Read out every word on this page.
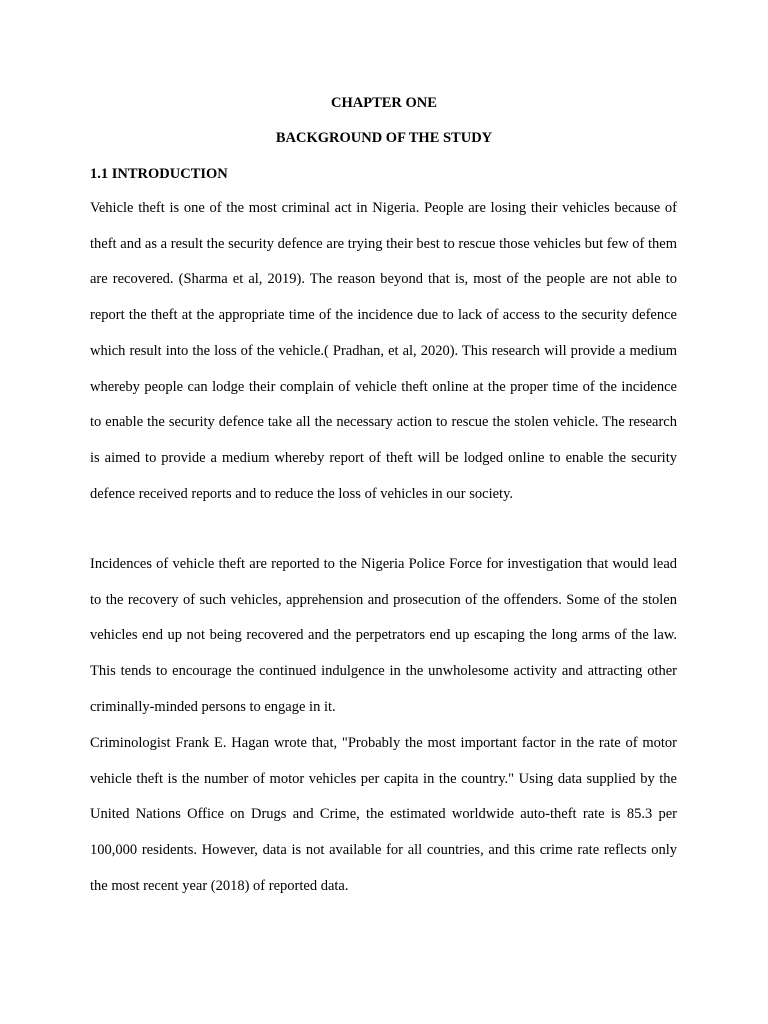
CHAPTER ONE
BACKGROUND OF THE STUDY
1.1 INTRODUCTION

Vehicle theft is one of the most criminal act in Nigeria. People are losing their vehicles because of theft and as a result the security defence are trying their best to rescue those vehicles but few of them are recovered. (Sharma et al, 2019). The reason beyond that is, most of the people are not able to report the theft at the appropriate time of the incidence due to lack of access to the security defence which result into the loss of the vehicle.( Pradhan, et al, 2020). This research will provide a medium whereby people can lodge their complain of vehicle theft online at the proper time of the incidence to enable the security defence take all the necessary action to rescue the stolen vehicle. The research is aimed to provide a medium whereby report of theft will be lodged online to enable the security defence received reports and to reduce the loss of vehicles in our society.

Incidences of vehicle theft are reported to the Nigeria Police Force for investigation that would lead to the recovery of such vehicles, apprehension and prosecution of the offenders. Some of the stolen vehicles end up not being recovered and the perpetrators end up escaping the long arms of the law. This tends to encourage the continued indulgence in the unwholesome activity and attracting other criminally-minded persons to engage in it.

Criminologist Frank E. Hagan wrote that, "Probably the most important factor in the rate of motor vehicle theft is the number of motor vehicles per capita in the country." Using data supplied by the United Nations Office on Drugs and Crime, the estimated worldwide auto-theft rate is 85.3 per 100,000 residents. However, data is not available for all countries, and this crime rate reflects only the most recent year (2018) of reported data.
